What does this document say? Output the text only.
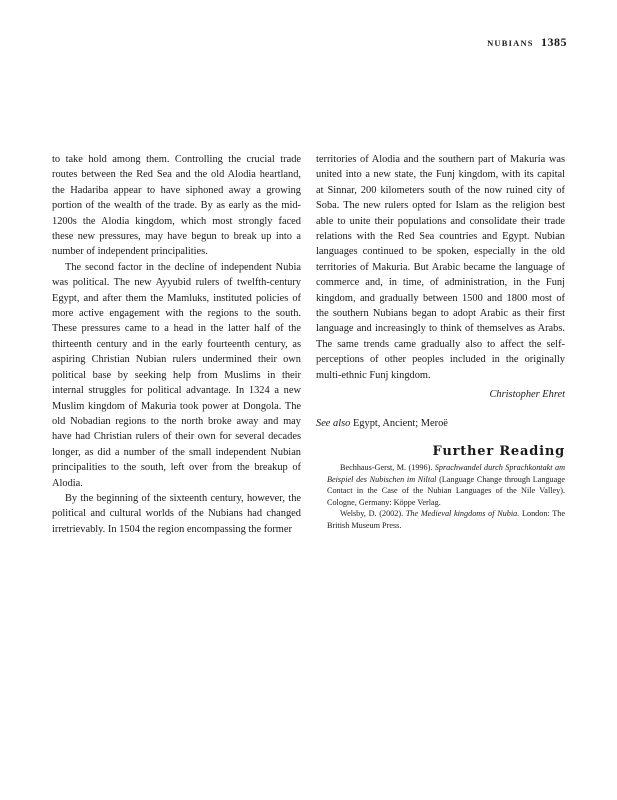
NUBIANS 1385

to take hold among them. Controlling the crucial trade routes between the Red Sea and the old Alodia heartland, the Hadariba appear to have siphoned away a growing portion of the wealth of the trade. By as early as the mid-1200s the Alodia kingdom, which most strongly faced these new pressures, may have begun to break up into a number of independent principalities.

The second factor in the decline of independent Nubia was political. The new Ayyubid rulers of twelfth-century Egypt, and after them the Mamluks, instituted policies of more active engagement with the regions to the south. These pressures came to a head in the latter half of the thirteenth century and in the early fourteenth century, as aspiring Christian Nubian rulers undermined their own political base by seeking help from Muslims in their internal struggles for political advantage. In 1324 a new Muslim kingdom of Makuria took power at Dongola. The old Nobadian regions to the north broke away and may have had Christian rulers of their own for several decades longer, as did a number of the small independent Nubian principalities to the south, left over from the breakup of Alodia.

By the beginning of the sixteenth century, however, the political and cultural worlds of the Nubians had changed irretrievably. In 1504 the region encompassing the former

territories of Alodia and the southern part of Makuria was united into a new state, the Funj kingdom, with its capital at Sinnar, 200 kilometers south of the now ruined city of Soba. The new rulers opted for Islam as the religion best able to unite their populations and consolidate their trade relations with the Red Sea countries and Egypt. Nubian languages continued to be spoken, especially in the old territories of Makuria. But Arabic became the language of commerce and, in time, of administration, in the Funj kingdom, and gradually between 1500 and 1800 most of the southern Nubians began to adopt Arabic as their first language and increasingly to think of themselves as Arabs. The same trends came gradually also to affect the self-perceptions of other peoples included in the originally multi-ethnic Funj kingdom.

Christopher Ehret
See also Egypt, Ancient; Meroë
Further Reading

Bechhaus-Gerst, M. (1996). Sprachwandel durch Sprachkontakt am Beispiel des Nubischen im Niltal (Language Change through Language Contact in the Case of the Nubian Languages of the Nile Valley). Cologne, Germany: Köppe Verlag.

Welsby, D. (2002). The Medieval kingdoms of Nubia. London: The British Museum Press.
